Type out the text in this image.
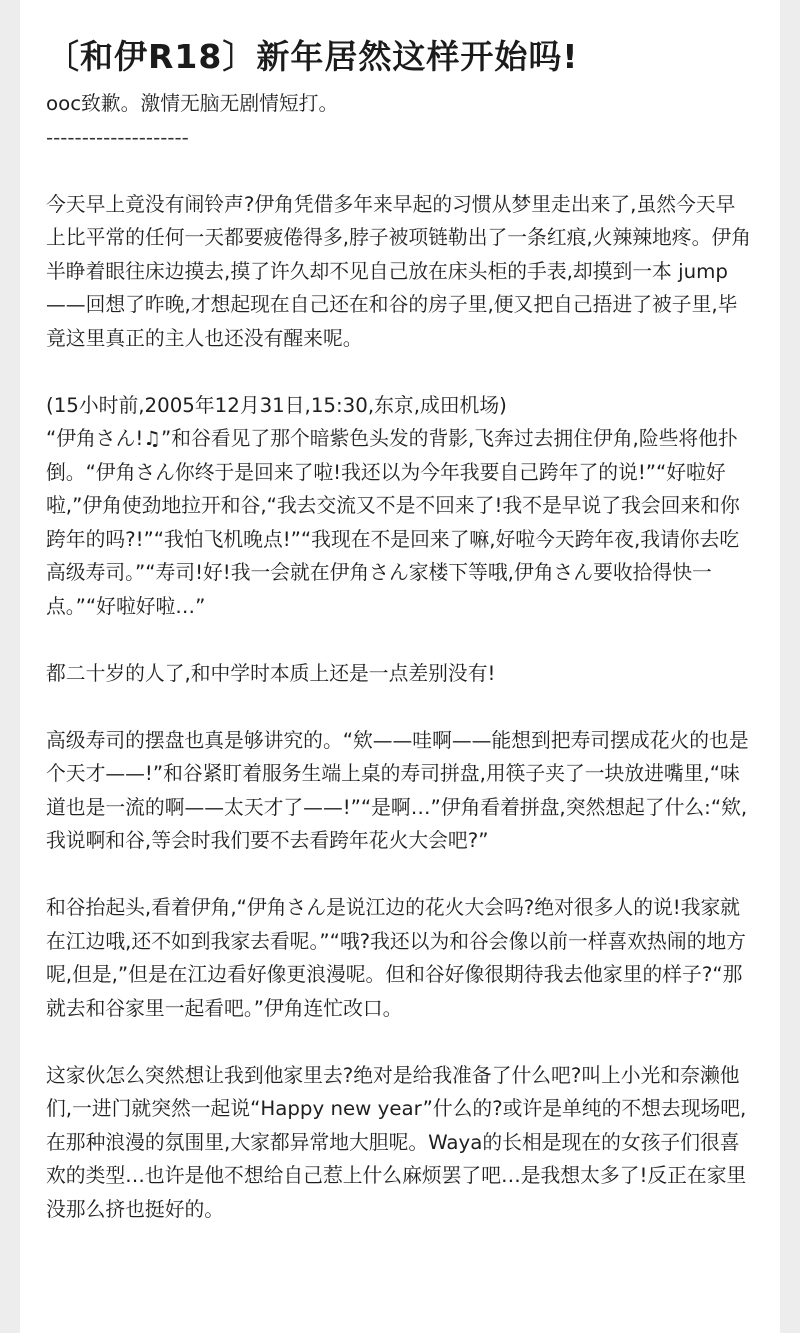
〔和伊R18〕新年居然这样开始吗!

ooc致歉。激情无脑无剧情短打。

--------------------

今天早上竟没有闹铃声?伊角凭借多年来早起的习惯从梦里走出来了,虽然今天早上比平常的任何一天都要疲倦得多,脖子被项链勒出了一条红痕,火辣辣地疼。伊角半睁着眼往床边摸去,摸了许久却不见自己放在床头柜的手表,却摸到一本 jump——回想了昨晚,才想起现在自己还在和谷的房子里,便又把自己捂进了被子里,毕竟这里真正的主人也还没有醒来呢。

(15小时前,2005年12月31日,15:30,东京,成田机场)

“伊角さん!♫”和谷看见了那个暗紫色头发的背影,飞奔过去拥住伊角,险些将他扑倒。“伊角さん你终于是回来了啦!我还以为今年我要自己跨年了的说!”“好啦好啦,”伊角使劲地拉开和谷,“我去交流又不是不回来了!我不是早说了我会回来和你跨年的吗?!”“我怕飞机晚点!”“我现在不是回来了嘛,好啦今天跨年夜,我请你去吃高级寿司。”“寿司!好!我一会就在伊角さん家楼下等哦,伊角さん要收拾得快一点。”“好啦好啦…”

都二十岁的人了,和中学时本质上还是一点差别没有!

高级寿司的摆盘也真是够讲究的。“欸——哇啊——能想到把寿司摆成花火的也是个天才——!”和谷紧盯着服务生端上桌的寿司拼盘,用筷子夹了一块放进嘴里,“味道也是一流的啊——太天才了——!”“是啊…”伊角看着拼盘,突然想起了什么:“欸,我说啊和谷,等会时我们要不去看跨年花火大会吧?”

和谷抬起头,看着伊角,“伊角さん是说江边的花火大会吗?绝对很多人的说!我家就在江边哦,还不如到我家去看呢。”“哦?我还以为和谷会像以前一样喜欢热闹的地方呢,但是,”但是在江边看好像更浪漫呢。但和谷好像很期待我去他家里的样子?“那就去和谷家里一起看吧。”伊角连忙改口。

这家伙怎么突然想让我到他家里去?绝对是给我准备了什么吧?叫上小光和奈濑他们,一进门就突然一起说“Happy new year”什么的?或许是单纯的不想去现场吧,在那种浪漫的氛围里,大家都异常地大胆呢。Waya的长相是现在的女孩子们很喜欢的类型…也许是他不想给自己惹上什么麻烦罢了吧…是我想太多了!反正在家里没那么挤也挺好的。
